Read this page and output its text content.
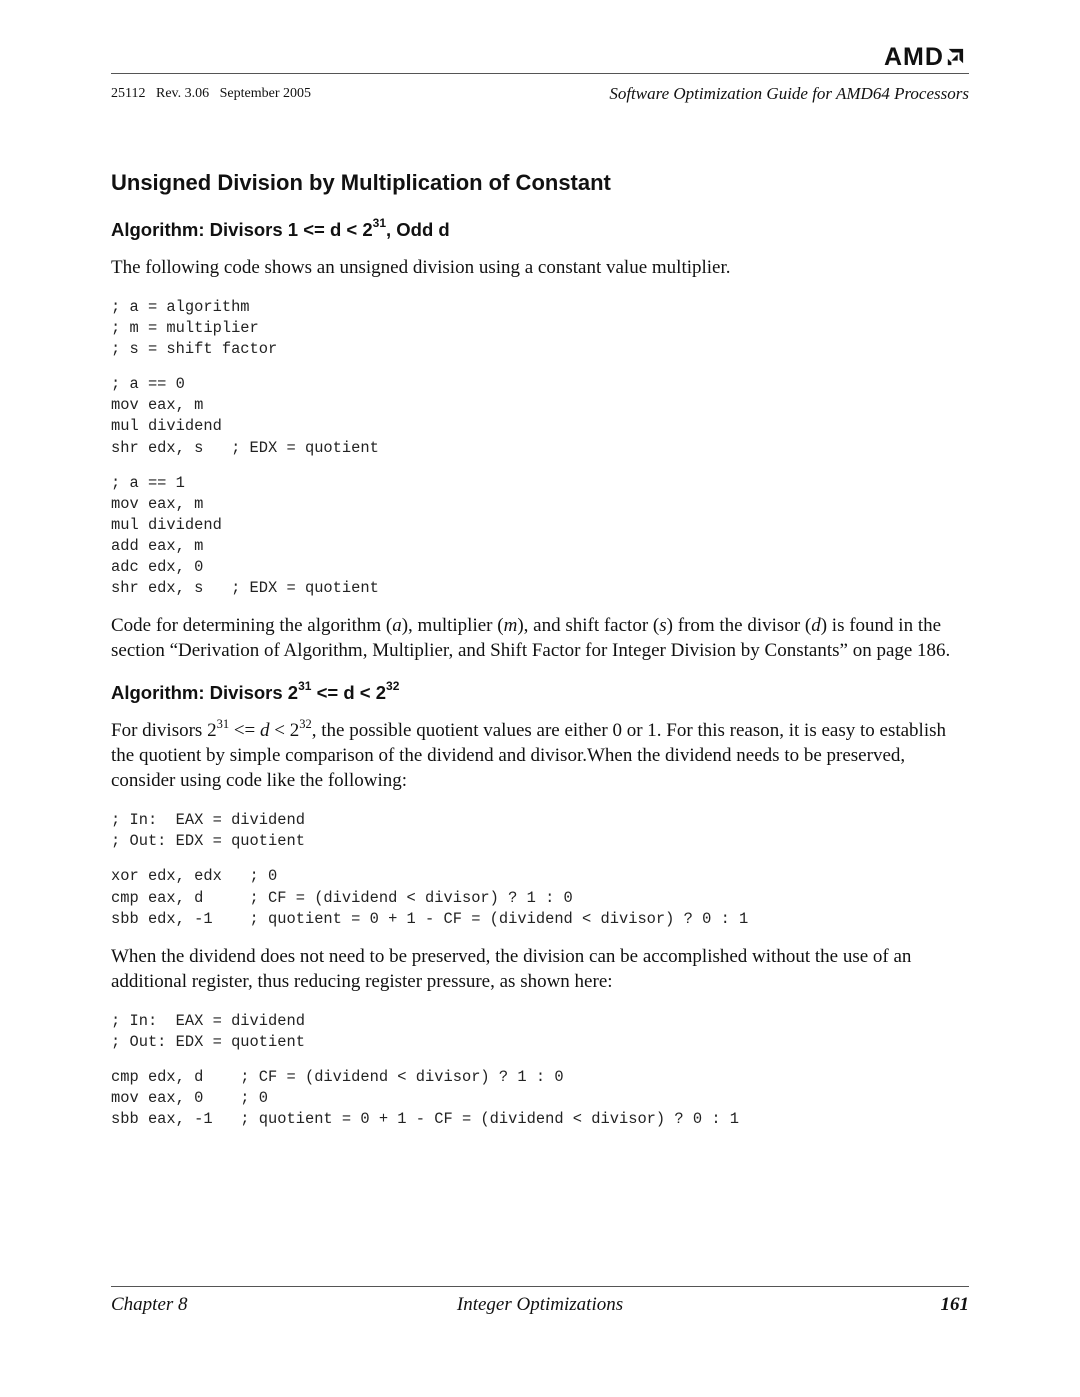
AMD
25112   Rev. 3.06   September 2005	Software Optimization Guide for AMD64 Processors
Unsigned Division by Multiplication of Constant
Algorithm: Divisors $1 <= d < 2^{31}$, Odd d

The following code shows an unsigned division using a constant value multiplier.

; a = algorithm
; m = multiplier
; s = shift factor
; a == 0
mov eax, m
mul dividend
shr edx, s   ; EDX = quotient
; a == 1
mov eax, m
mul dividend
add eax, m
adc edx, 0
shr edx, s   ; EDX = quotient

Code for determining the algorithm (a), multiplier (m), and shift factor (s) from the divisor (d) is found in the section “Derivation of Algorithm, Multiplier, and Shift Factor for Integer Division by Constants” on page 186.

Algorithm: Divisors $2^{31} <= d < 2^{32}$

For divisors $2^{31} <= d < 2^{32}$, the possible quotient values are either 0 or 1. For this reason, it is easy to establish the quotient by simple comparison of the dividend and divisor.When the dividend needs to be preserved, consider using code like the following:

; In:  EAX = dividend
; Out: EDX = quotient
xor edx, edx   ; 0
cmp eax, d     ; CF = (dividend < divisor) ? 1 : 0
sbb edx, -1    ; quotient = 0 + 1 - CF = (dividend < divisor) ? 0 : 1

When the dividend does not need to be preserved, the division can be accomplished without the use of an additional register, thus reducing register pressure, as shown here:

; In:  EAX = dividend
; Out: EDX = quotient
cmp edx, d    ; CF = (dividend < divisor) ? 1 : 0
mov eax, 0    ; 0
sbb eax, -1   ; quotient = 0 + 1 - CF = (dividend < divisor) ? 0 : 1
Chapter 8	Integer Optimizations	161
